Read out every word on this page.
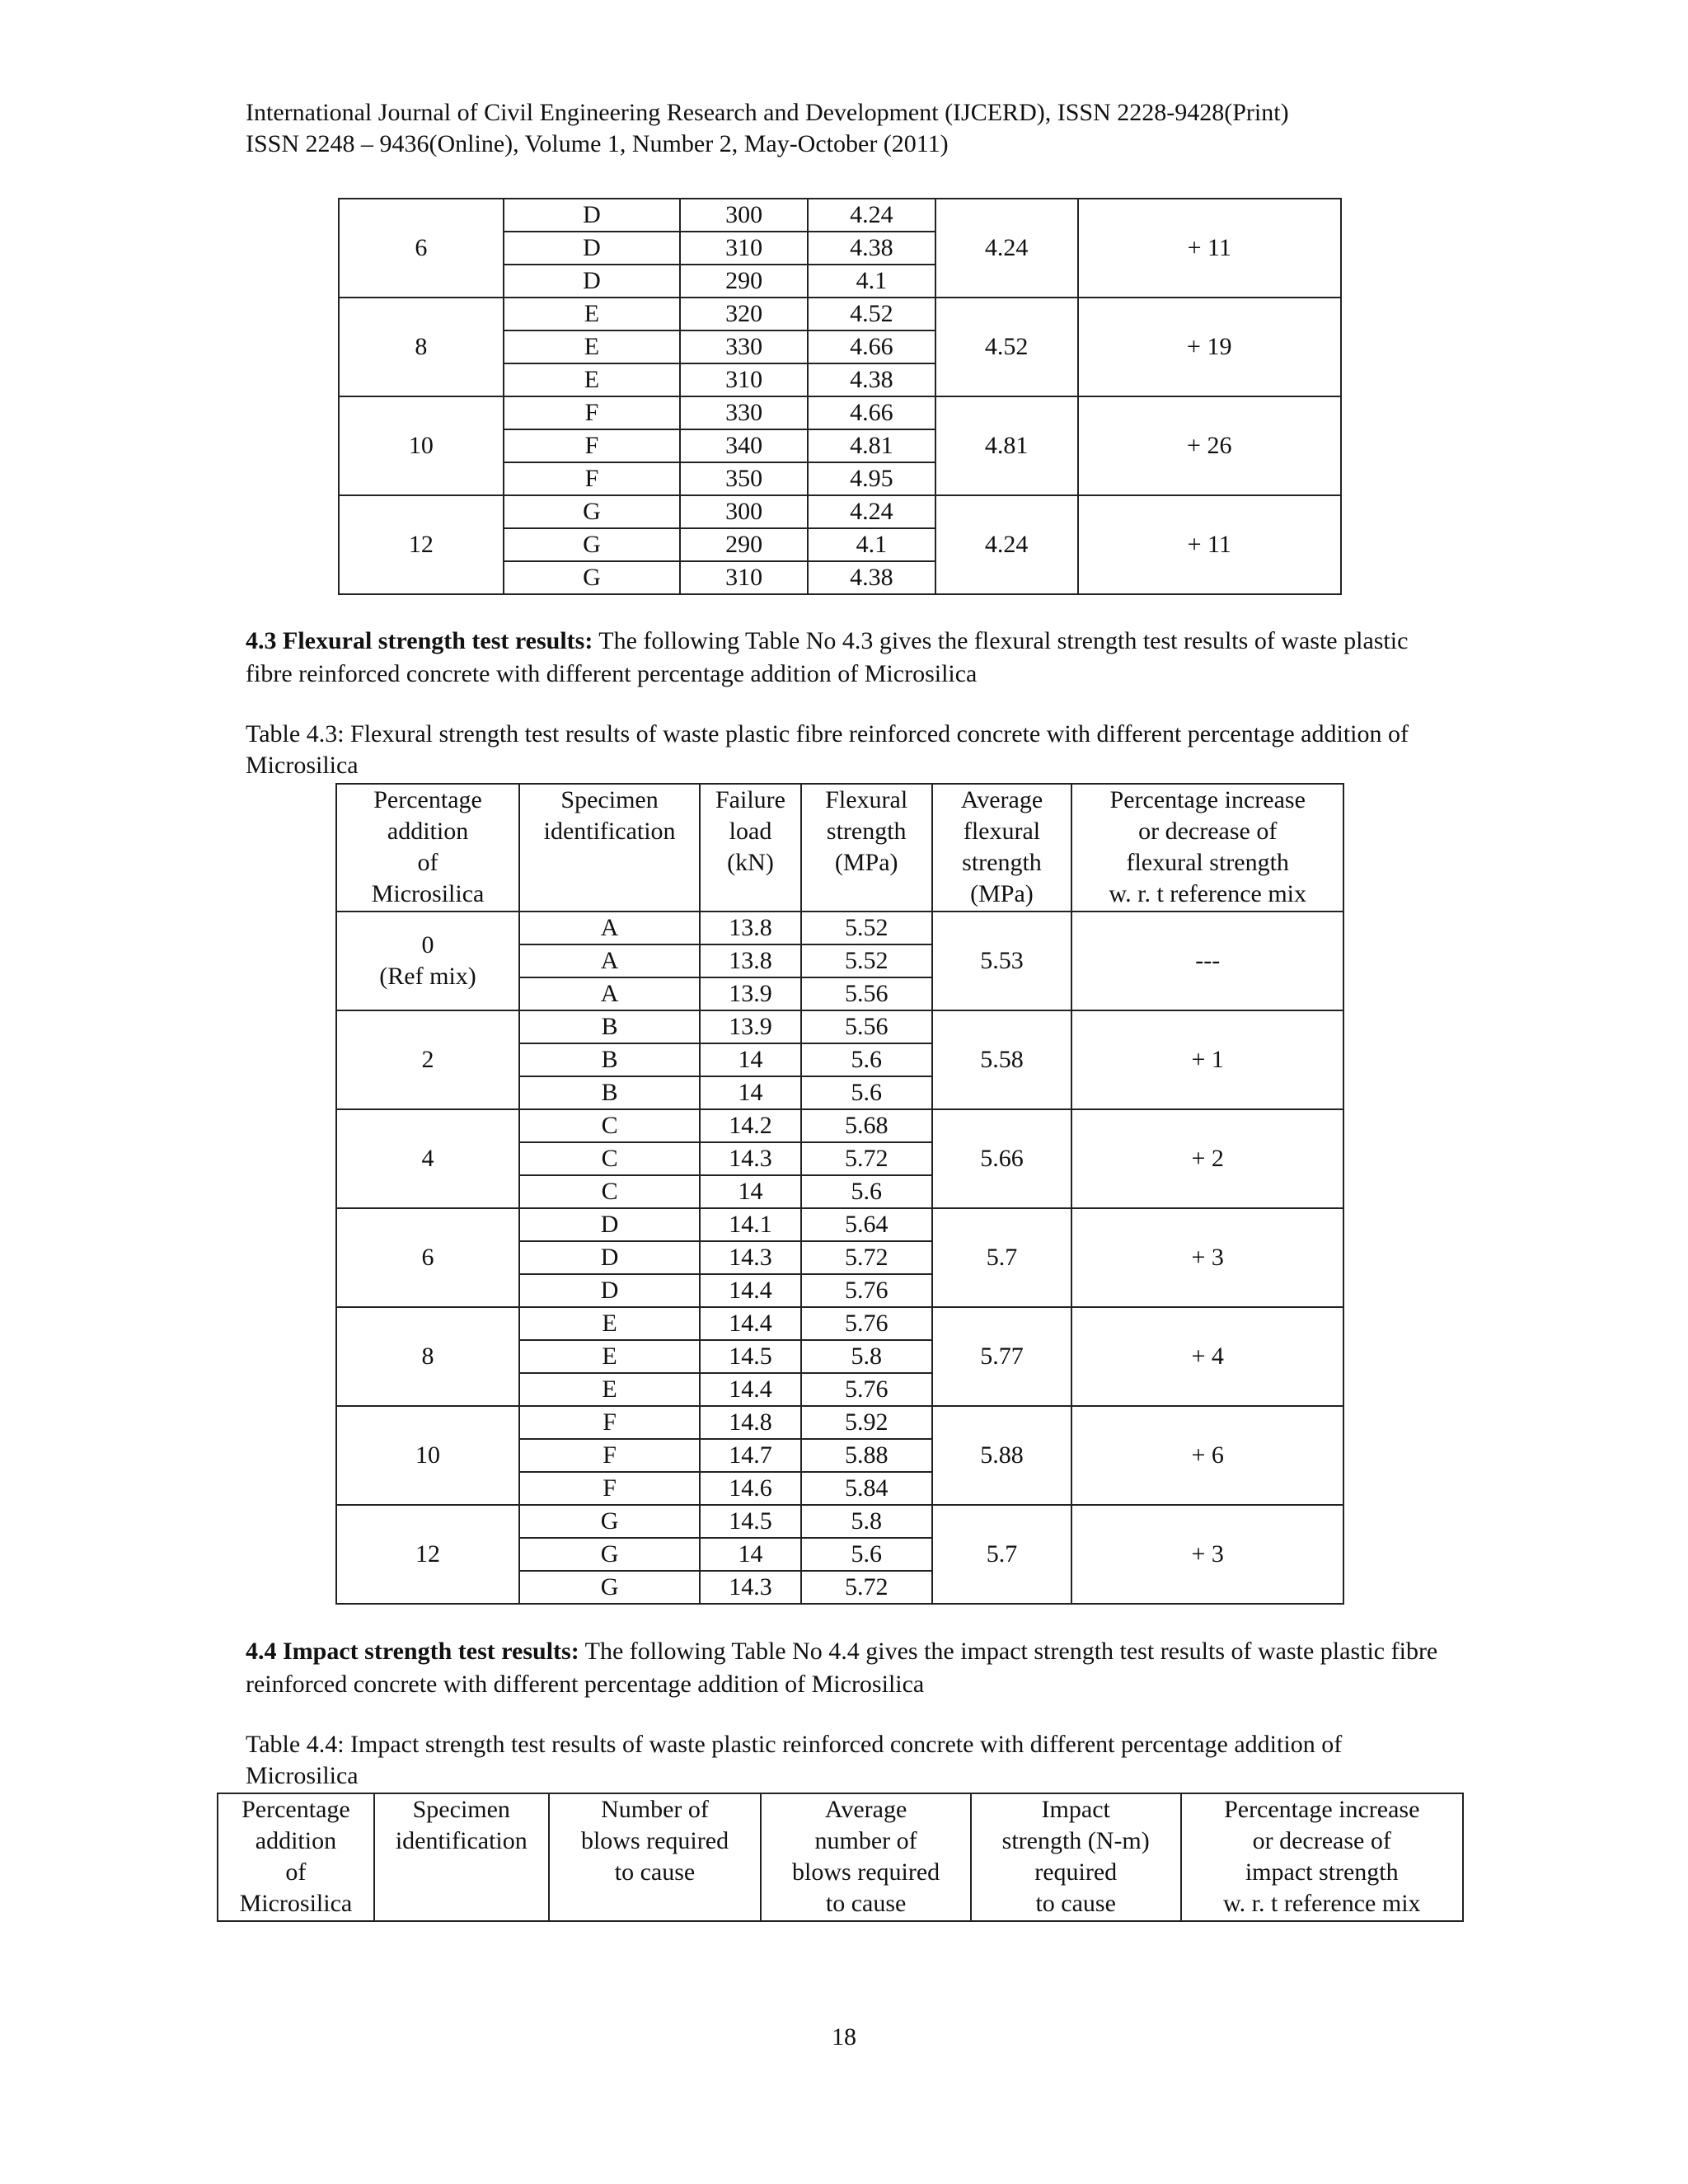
International Journal of Civil Engineering Research and Development (IJCERD), ISSN 2228-9428(Print)
ISSN 2248 – 9436(Online), Volume 1, Number 2, May-October (2011)
6	D	300	4.24	4.24	+ 11
	D	310	4.38		
	D	290	4.1		
8	E	320	4.52	4.52	+ 19
	E	330	4.66		
	E	310	4.38		
10	F	330	4.66	4.81	+ 26
	F	340	4.81		
	F	350	4.95		
12	G	300	4.24	4.24	+ 11
	G	290	4.1		
	G	310	4.38		
4.3 Flexural strength test results: The following Table No 4.3 gives the flexural strength test results of waste plastic fibre reinforced concrete with different percentage addition of Microsilica
Table 4.3: Flexural strength test results of waste plastic fibre reinforced concrete with different percentage addition of Microsilica
Percentage
addition
of
Microsilica	Specimen
identification	Failure
load
(kN)	Flexural
strength
(MPa)	Average
flexural
strength
(MPa)	Percentage increase
or decrease of
flexural strength
w. r. t reference mix
0
(Ref mix)	A	13.8	5.52	5.53	---
	A	13.8	5.52		
	A	13.9	5.56		
2	B	13.9	5.56	5.58	+ 1
	B	14	5.6		
	B	14	5.6		
4	C	14.2	5.68	5.66	+ 2
	C	14.3	5.72		
	C	14	5.6		
6	D	14.1	5.64	5.7	+ 3
	D	14.3	5.72		
	D	14.4	5.76		
8	E	14.4	5.76	5.77	+ 4
	E	14.5	5.8		
	E	14.4	5.76		
10	F	14.8	5.92	5.88	+ 6
	F	14.7	5.88		
	F	14.6	5.84		
12	G	14.5	5.8	5.7	+ 3
	G	14	5.6		
	G	14.3	5.72		
4.4 Impact strength test results: The following Table No 4.4 gives the impact strength test results of waste plastic fibre reinforced concrete with different percentage addition of Microsilica
Table 4.4: Impact strength test results of waste plastic reinforced concrete with different percentage addition of Microsilica
Percentage
addition
of
Microsilica	Specimen
identification	Number of
blows required
to cause	Average
number of
blows required
to cause	Impact
strength (N-m)
required
to cause	Percentage increase
or decrease of
impact strength
w. r. t reference mix
18
